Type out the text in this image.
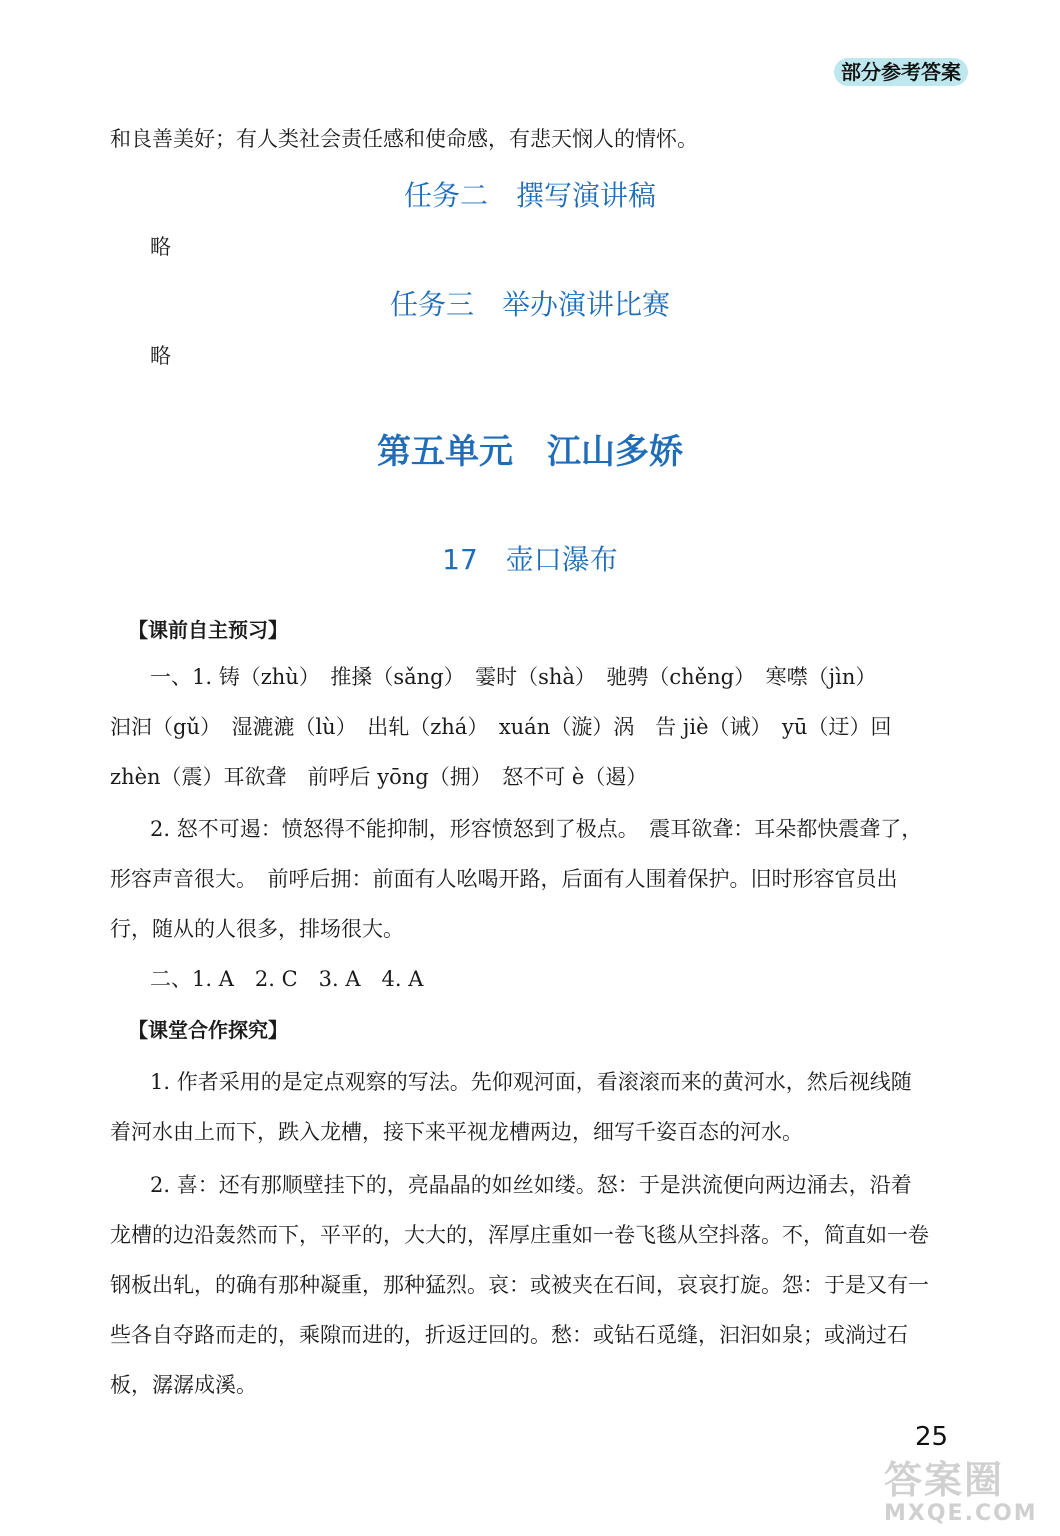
部分参考答案
和良善美好；有人类社会责任感和使命感，有悲天悯人的情怀。
任务二　撰写演讲稿
略
任务三　举办演讲比赛
略
第五单元　江山多娇
17　壶口瀑布
【课前自主预习】
一、1. 铸（zhù）　推搡（sǎng）　霎时（shà）　驰骋（chěng）　寒噤（jìn）
汩汩（gǔ）　湿漉漉（lù）　出轧（zhá）　xuán（漩）涡　告 jiè（诫）　yū（迂）回
zhèn（震）耳欲聋　前呼后 yōng（拥）　怒不可 è（遏）
2. 怒不可遏：愤怒得不能抑制，形容愤怒到了极点。　震耳欲聋：耳朵都快震聋了，
形容声音很大。　前呼后拥：前面有人吆喝开路，后面有人围着保护。旧时形容官员出
行，随从的人很多，排场很大。
二、1. A　2. C　3. A　4. A
【课堂合作探究】
1. 作者采用的是定点观察的写法。先仰观河面，看滚滚而来的黄河水，然后视线随
着河水由上而下，跌入龙槽，接下来平视龙槽两边，细写千姿百态的河水。
2. 喜：还有那顺壁挂下的，亮晶晶的如丝如缕。怒：于是洪流便向两边涌去，沿着
龙槽的边沿轰然而下，平平的，大大的，浑厚庄重如一卷飞毯从空抖落。不，简直如一卷
钢板出轧，的确有那种凝重，那种猛烈。哀：或被夹在石间，哀哀打旋。怨：于是又有一
些各自夺路而走的，乘隙而进的，折返迂回的。愁：或钻石觅缝，汩汩如泉；或淌过石
板，潺潺成溪。
25
答案圈
MXQE.COM
